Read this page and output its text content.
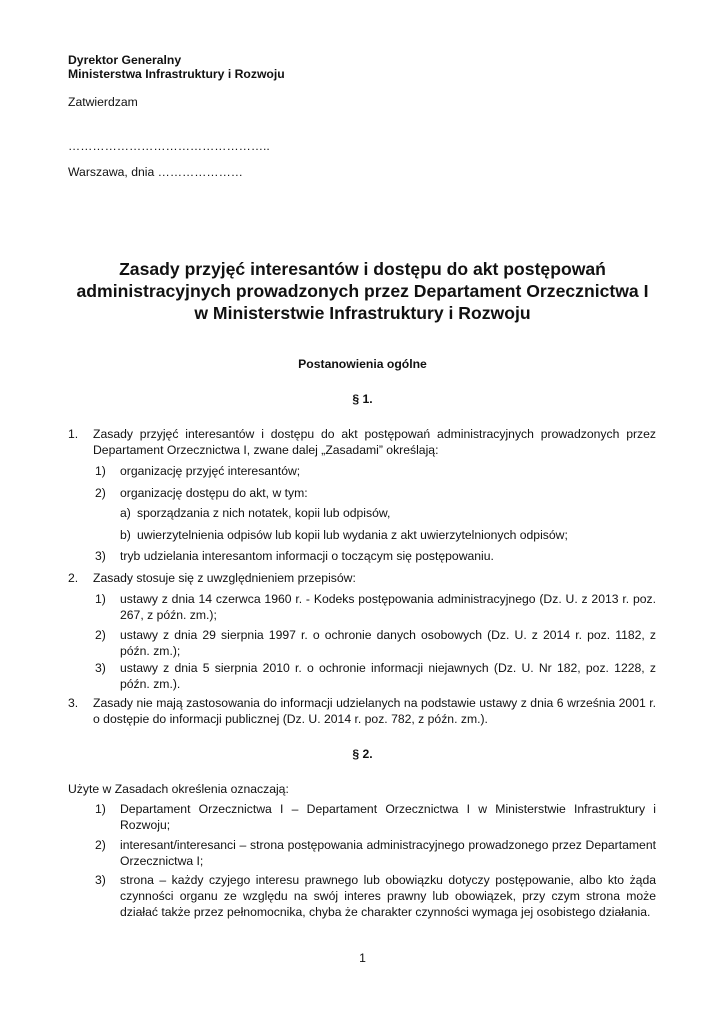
Dyrektor Generalny
Ministerstwa Infrastruktury i Rozwoju
Zatwierdzam
…………………………………………..
Warszawa, dnia …………………
Zasady przyjęć interesantów i dostępu do akt postępowań
administracyjnych prowadzonych przez Departament Orzecznictwa I
w Ministerstwie Infrastruktury i Rozwoju
Postanowienia ogólne
§ 1.
1. Zasady przyjęć interesantów i dostępu do akt postępowań administracyjnych prowadzonych przez Departament Orzecznictwa I, zwane dalej „Zasadami” określają:
1) organizację przyjęć interesantów;
2) organizację dostępu do akt, w tym:
a) sporządzania z nich notatek, kopii lub odpisów,
b) uwierzytelnienia odpisów lub kopii lub wydania z akt uwierzytelnionych odpisów;
3) tryb udzielania interesantom informacji o toczącym się postępowaniu.
2. Zasady stosuje się z uwzględnieniem przepisów:
1) ustawy z dnia 14 czerwca 1960 r. - Kodeks postępowania administracyjnego (Dz. U. z 2013 r. poz. 267, z późn. zm.);
2) ustawy z dnia 29 sierpnia 1997 r. o ochronie danych osobowych (Dz. U. z 2014 r. poz. 1182, z późn. zm.);
3) ustawy z dnia 5 sierpnia 2010 r. o ochronie informacji niejawnych (Dz. U. Nr 182, poz. 1228, z późn. zm.).
3. Zasady nie mają zastosowania do informacji udzielanych na podstawie ustawy z dnia 6 września 2001 r. o dostępie do informacji publicznej (Dz. U. 2014 r. poz. 782, z późn. zm.).
§ 2.
Użyte w Zasadach określenia oznaczają:
1) Departament Orzecznictwa I – Departament Orzecznictwa I w Ministerstwie Infrastruktury i Rozwoju;
2) interesant/interesanci – strona postępowania administracyjnego prowadzonego przez Departament Orzecznictwa I;
3) strona – każdy czyjego interesu prawnego lub obowiązku dotyczy postępowanie, albo kto żąda czynności organu ze względu na swój interes prawny lub obowiązek, przy czym strona może działać także przez pełnomocnika, chyba że charakter czynności wymaga jej osobistego działania.
1
